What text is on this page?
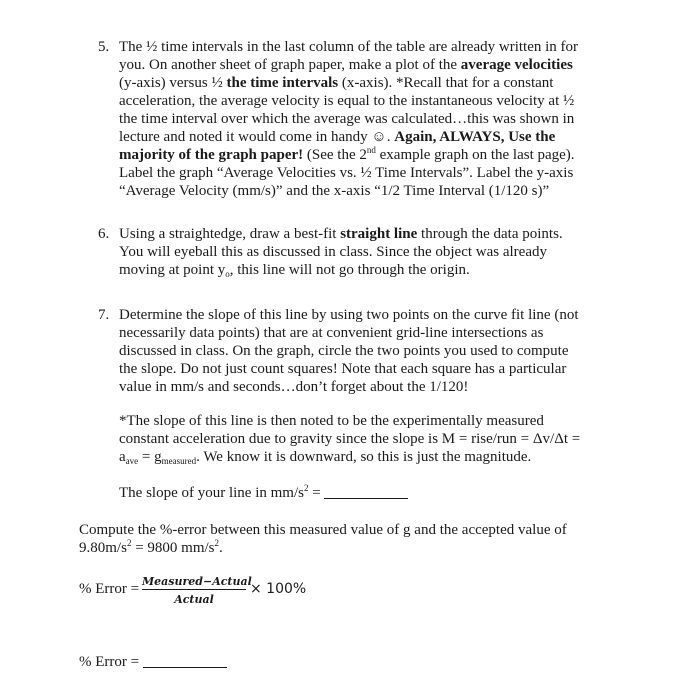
5. The ½ time intervals in the last column of the table are already written in for
you. On another sheet of graph paper, make a plot of the average velocities
(y-axis) versus ½ the time intervals (x-axis). *Recall that for a constant
acceleration, the average velocity is equal to the instantaneous velocity at ½
the time interval over which the average was calculated…this was shown in
lecture and noted it would come in handy ☺. Again, ALWAYS, Use the
majority of the graph paper! (See the 2nd example graph on the last page).
Label the graph “Average Velocities vs. ½ Time Intervals”. Label the y-axis
“Average Velocity (mm/s)” and the x-axis “1/2 Time Interval (1/120 s)”
6. Using a straightedge, draw a best-fit straight line through the data points.
You will eyeball this as discussed in class. Since the object was already
moving at point $y_o$, this line will not go through the origin.
7. Determine the slope of this line by using two points on the curve fit line (not
necessarily data points) that are at convenient grid-line intersections as
discussed in class. On the graph, circle the two points you used to compute
the slope. Do not just count squares! Note that each square has a particular
value in mm/s and seconds…don’t forget about the 1/120!
*The slope of this line is then noted to be the experimentally measured
constant acceleration due to gravity since the slope is M = rise/run = Δv/Δt =
$a_{ave} = g_{measured}$. We know it is downward, so this is just the magnitude.
The slope of your line in $mm/s^2$ =
Compute the %-error between this measured value of g and the accepted value of
$9.80m/s^2 = 9800$ $mm/s^2$.
% Error = Measured−Actual
Actual
× 100%
% Error =
